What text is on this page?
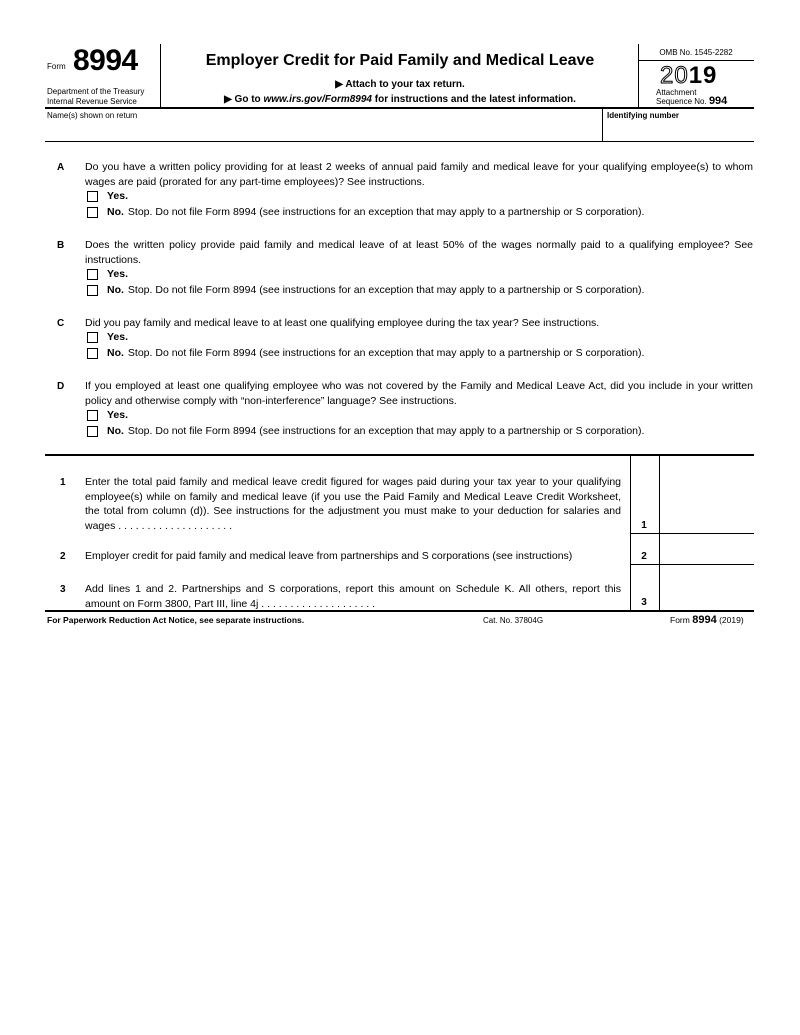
Form 8994
Department of the Treasury
Internal Revenue Service
Employer Credit for Paid Family and Medical Leave
▶ Attach to your tax return.
▶ Go to www.irs.gov/Form8994 for instructions and the latest information.
OMB No. 1545-2282
2019
Attachment
Sequence No. 994
Name(s) shown on return	Identifying number
A Do you have a written policy providing for at least 2 weeks of annual paid family and medical leave for your qualifying employee(s) to whom wages are paid (prorated for any part-time employees)? See instructions.
Yes.
No. Stop. Do not file Form 8994 (see instructions for an exception that may apply to a partnership or S corporation).
B Does the written policy provide paid family and medical leave of at least 50% of the wages normally paid to a qualifying employee? See instructions.
Yes.
No. Stop. Do not file Form 8994 (see instructions for an exception that may apply to a partnership or S corporation).
C Did you pay family and medical leave to at least one qualifying employee during the tax year? See instructions.
Yes.
No. Stop. Do not file Form 8994 (see instructions for an exception that may apply to a partnership or S corporation).
D If you employed at least one qualifying employee who was not covered by the Family and Medical Leave Act, did you include in your written policy and otherwise comply with “non-interference” language? See instructions.
Yes.
No. Stop. Do not file Form 8994 (see instructions for an exception that may apply to a partnership or S corporation).
1 Enter the total paid family and medical leave credit figured for wages paid during your tax year to your qualifying employee(s) while on family and medical leave (if you use the Paid Family and Medical Leave Credit Worksheet, the total from column (d)). See instructions for the adjustment you must make to your deduction for salaries and wages . . . . . . . . . . . . . . . . . . . .	1
2 Employer credit for paid family and medical leave from partnerships and S corporations (see instructions)	2
3 Add lines 1 and 2. Partnerships and S corporations, report this amount on Schedule K. All others, report this amount on Form 3800, Part III, line 4j . . . . . . . . . . . . . . . . . . . .	3
For Paperwork Reduction Act Notice, see separate instructions.	Cat. No. 37804G	Form 8994 (2019)
